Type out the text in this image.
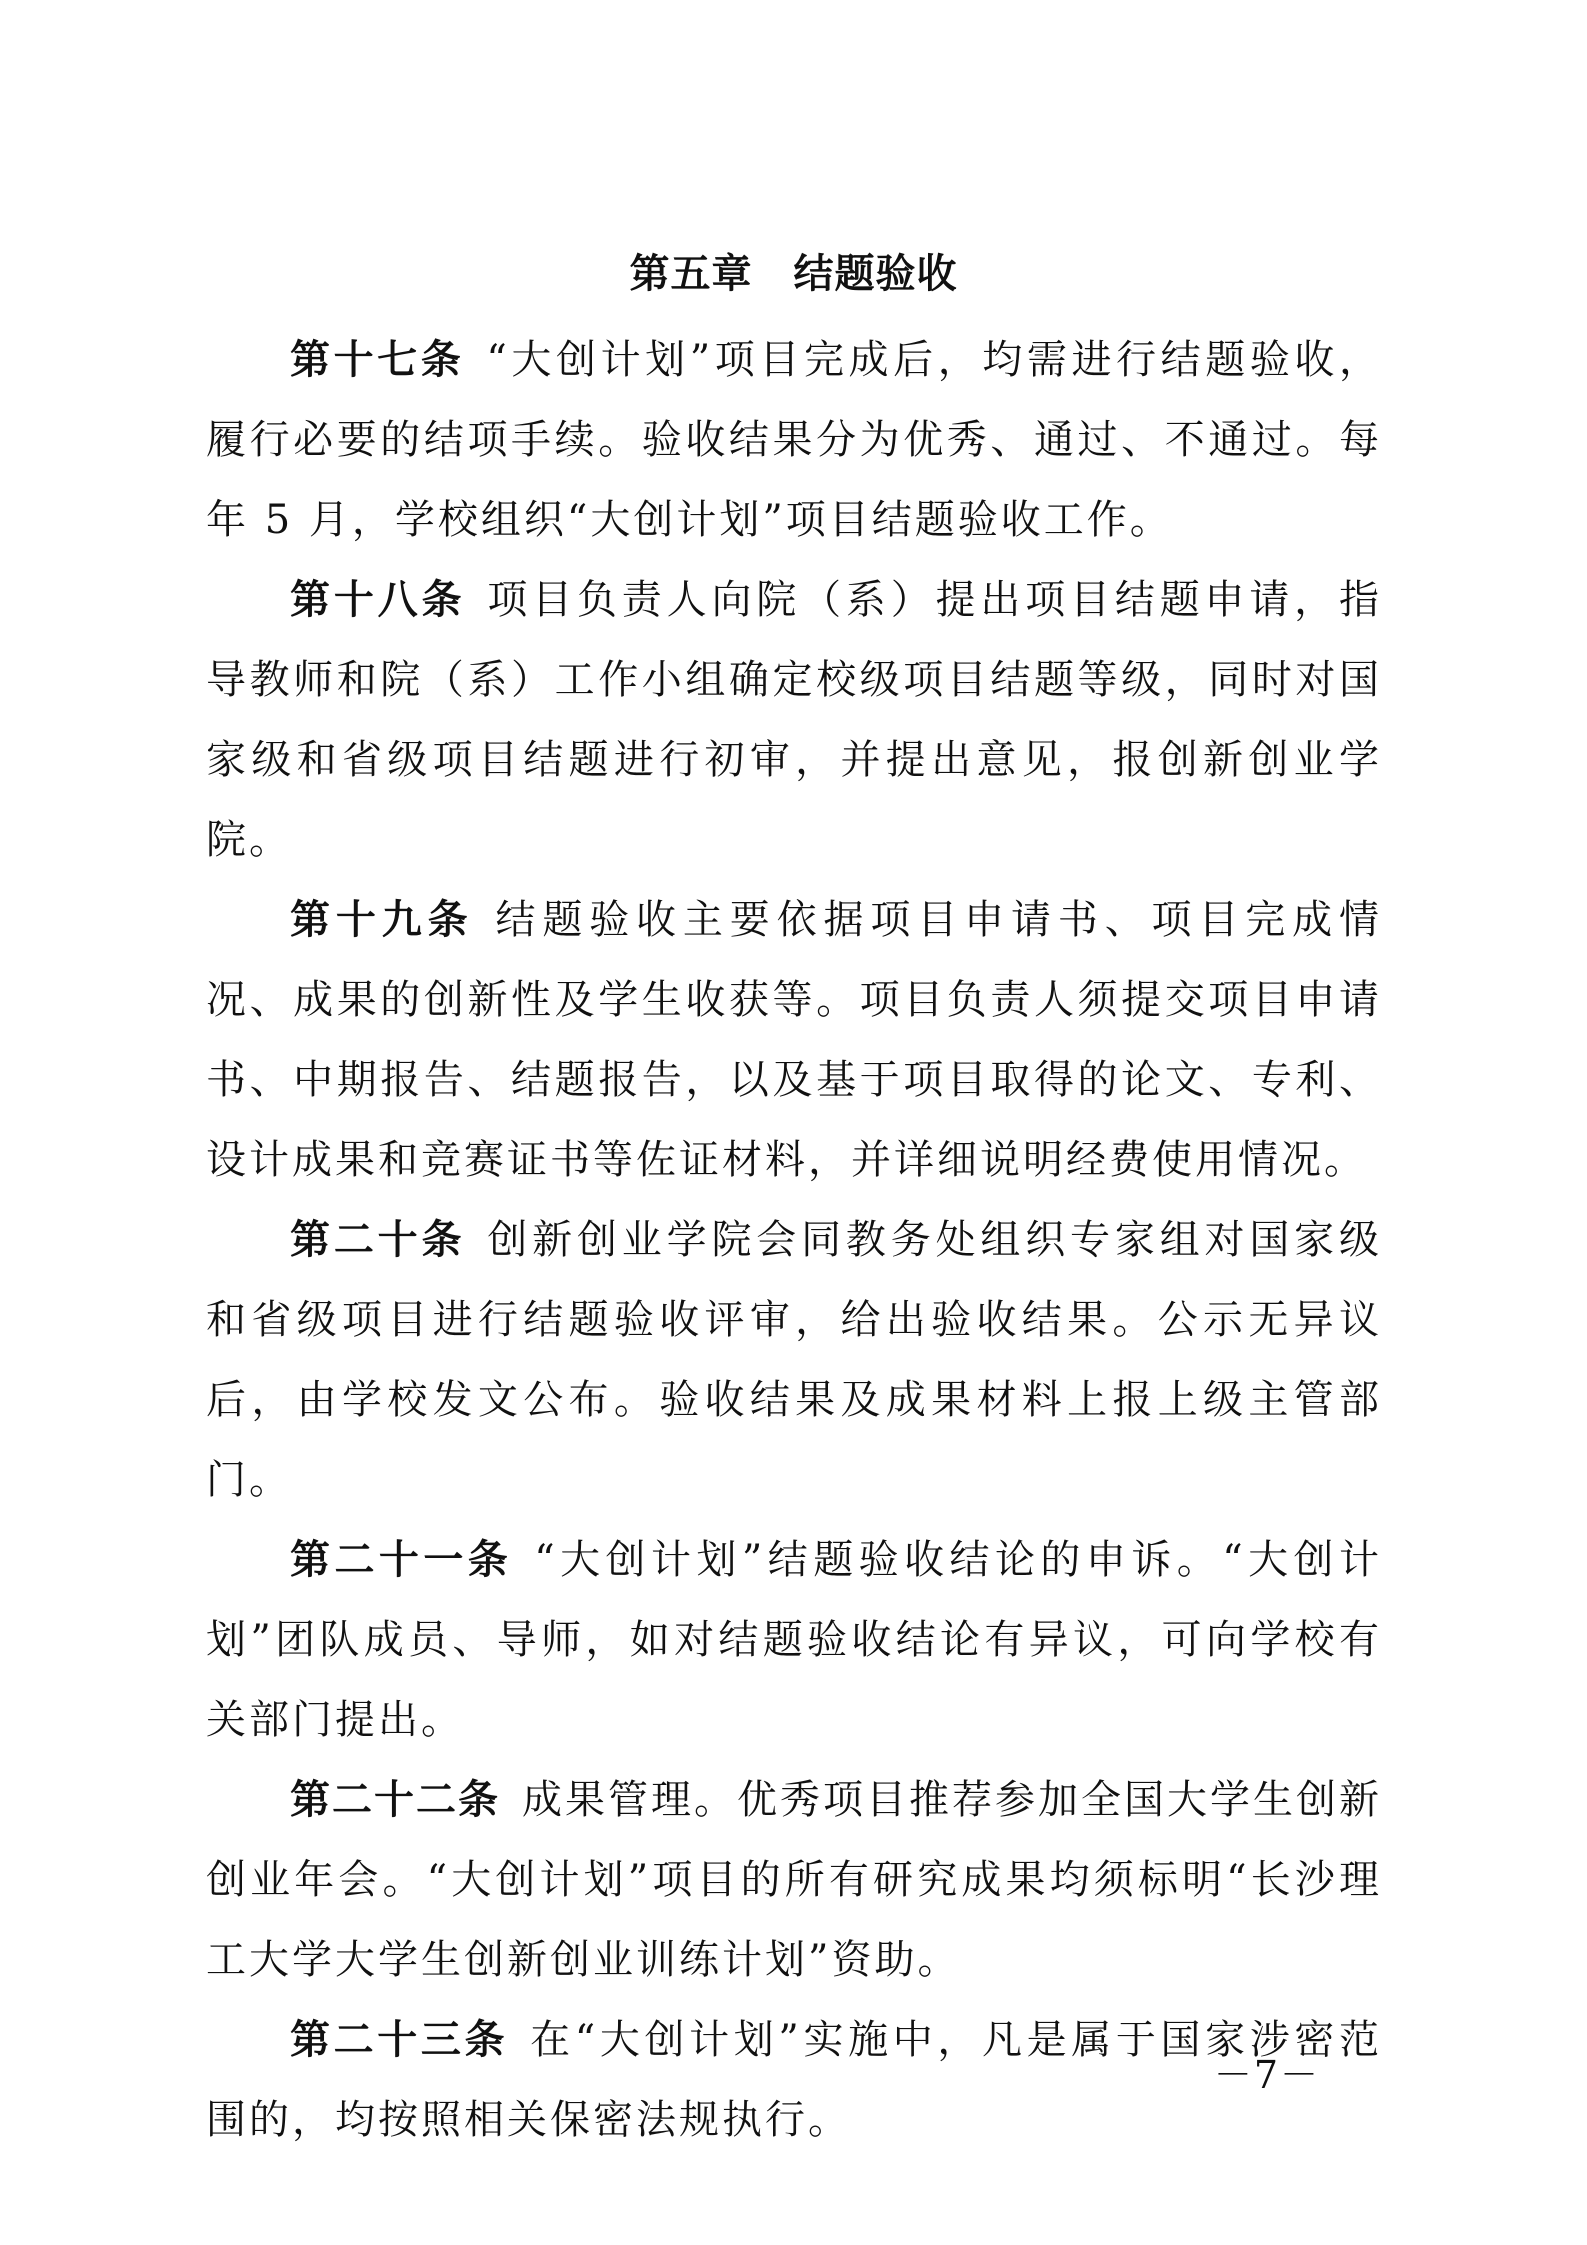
第五章　结题验收

第十七条 “大创计划”项目完成后，均需进行结题验收，履行必要的结项手续。验收结果分为优秀、通过、不通过。每年 5 月，学校组织“大创计划”项目结题验收工作。

第十八条 项目负责人向院（系）提出项目结题申请，指导教师和院（系）工作小组确定校级项目结题等级，同时对国家级和省级项目结题进行初审，并提出意见，报创新创业学院。

第十九条 结题验收主要依据项目申请书、项目完成情况、成果的创新性及学生收获等。项目负责人须提交项目申请书、中期报告、结题报告，以及基于项目取得的论文、专利、设计成果和竞赛证书等佐证材料，并详细说明经费使用情况。

第二十条 创新创业学院会同教务处组织专家组对国家级和省级项目进行结题验收评审，给出验收结果。公示无异议后，由学校发文公布。验收结果及成果材料上报上级主管部门。

第二十一条 “大创计划”结题验收结论的申诉。“大创计划”团队成员、导师，如对结题验收结论有异议，可向学校有关部门提出。

第二十二条 成果管理。优秀项目推荐参加全国大学生创新创业年会。“大创计划”项目的所有研究成果均须标明“长沙理工大学大学生创新创业训练计划”资助。

第二十三条 在“大创计划”实施中，凡是属于国家涉密范围的，均按照相关保密法规执行。

－7－
